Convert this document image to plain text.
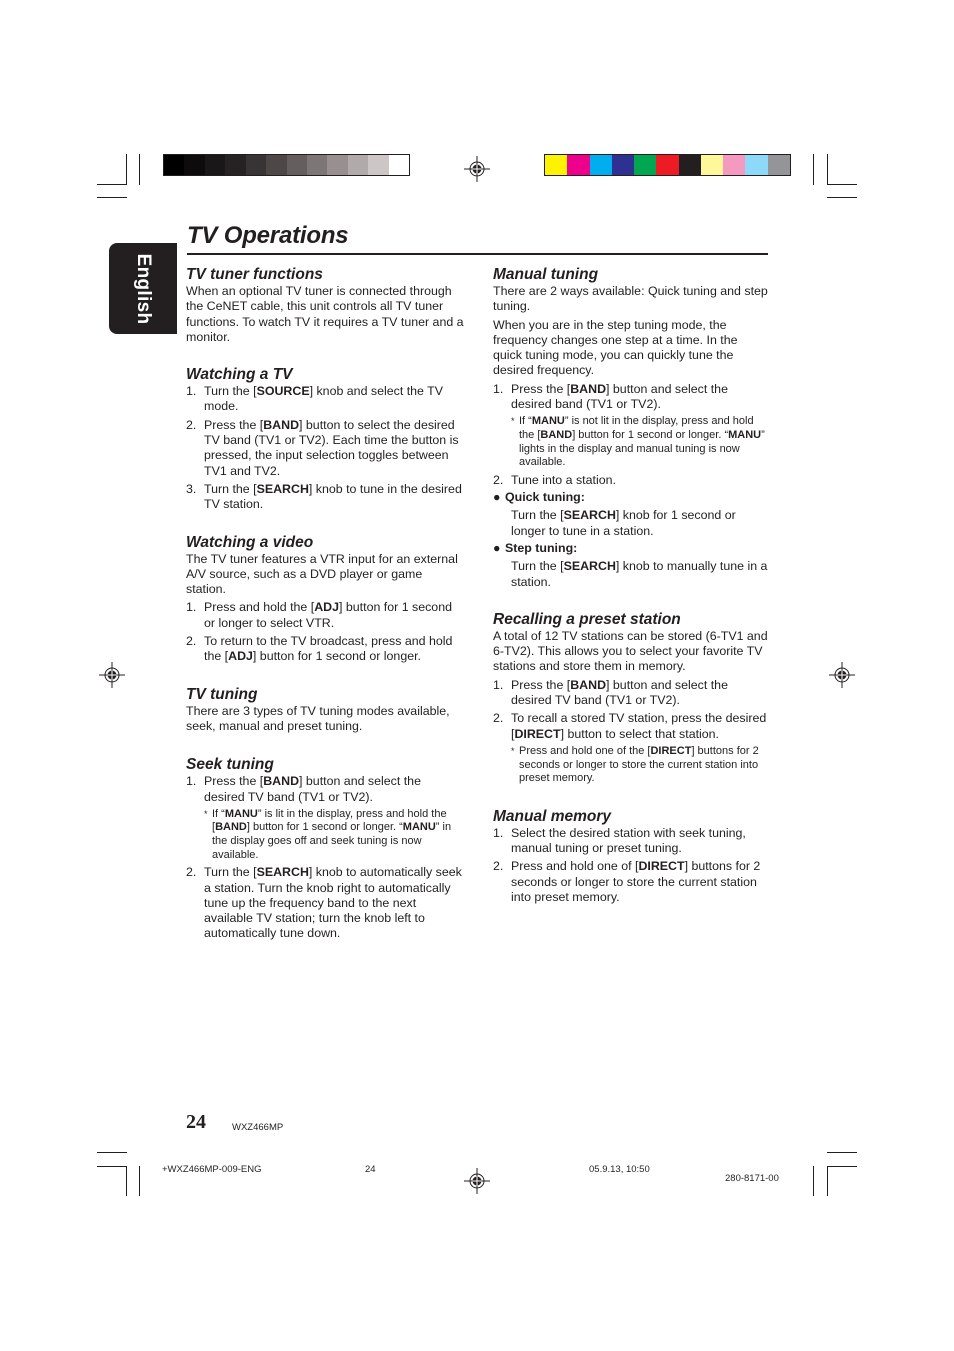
English
TV Operations
TV tuner functions

When an optional TV tuner is connected through the CeNET cable, this unit controls all TV tuner functions. To watch TV it requires a TV tuner and a monitor.

Watching a TV
1. Turn the [SOURCE] knob and select the TV mode.
2. Press the [BAND] button to select the desired TV band (TV1 or TV2). Each time the button is pressed, the input selection toggles between TV1 and TV2.
3. Turn the [SEARCH] knob to tune in the desired TV station.
Watching a video

The TV tuner features a VTR input for an external A/V source, such as a DVD player or game station.

1. Press and hold the [ADJ] button for 1 second or longer to select VTR.
2. To return to the TV broadcast, press and hold the [ADJ] button for 1 second or longer.
TV tuning

There are 3 types of TV tuning modes available, seek, manual and preset tuning.

Seek tuning
1. Press the [BAND] button and select the desired TV band (TV1 or TV2).
* If “MANU” is lit in the display, press and hold the [BAND] button for 1 second or longer. “MANU” in the display goes off and seek tuning is now available.
2. Turn the [SEARCH] knob to automatically seek a station. Turn the knob right to automatically tune up the frequency band to the next available TV station; turn the knob left to automatically tune down.
Manual tuning

There are 2 ways available: Quick tuning and step tuning.

When you are in the step tuning mode, the frequency changes one step at a time. In the quick tuning mode, you can quickly tune the desired frequency.

1. Press the [BAND] button and select the desired band (TV1 or TV2).
* If “MANU” is not lit in the display, press and hold the [BAND] button for 1 second or longer. “MANU” lights in the display and manual tuning is now available.
2. Tune into a station.
● Quick tuning:
Turn the [SEARCH] knob for 1 second or longer to tune in a station.
● Step tuning:
Turn the [SEARCH] knob to manually tune in a station.
Recalling a preset station

A total of 12 TV stations can be stored (6-TV1 and 6-TV2). This allows you to select your favorite TV stations and store them in memory.

1. Press the [BAND] button and select the desired TV band (TV1 or TV2).
2. To recall a stored TV station, press the desired [DIRECT] button to select that station.
* Press and hold one of the [DIRECT] buttons for 2 seconds or longer to store the current station into preset memory.
Manual memory
1. Select the desired station with seek tuning, manual tuning or preset tuning.
2. Press and hold one of [DIRECT] buttons for 2 seconds or longer to store the current station into preset memory.
24	WXZ466MP
+WXZ466MP-009-ENG	24	05.9.13, 10:50
280-8171-00
